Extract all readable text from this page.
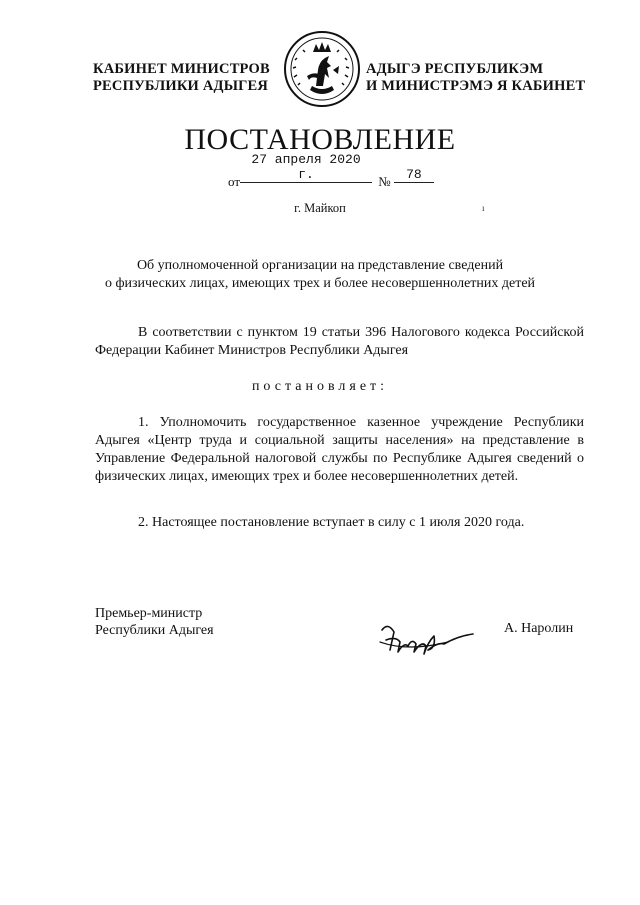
КАБИНЕТ МИНИСТРОВ
РЕСПУБЛИКИ АДЫГЕЯ
АДЫГЭ РЕСПУБЛИКЭМ
И МИНИСТРЭМЭ Я КАБИНЕТ
ПОСТАНОВЛЕНИЕ
от27 апреля 2020 г.	№ 78
г. Майкоп	ı
Об уполномоченной организации на представление сведений
о физических лицах, имеющих трех и более несовершеннолетних детей
В соответствии с пунктом 19 статьи 396 Налогового кодекса Российской Федерации Кабинет Министров Республики Адыгея
постановляет:
1. Уполномочить государственное казенное учреждение Республики Адыгея «Центр труда и социальной защиты населения» на представление в Управление Федеральной налоговой службы по Республике Адыгея сведений о физических лицах, имеющих трех и более несовершеннолетних детей.
2. Настоящее постановление вступает в силу с 1 июля 2020 года.
Премьер-министр
Республики Адыгея	А. Наролин
